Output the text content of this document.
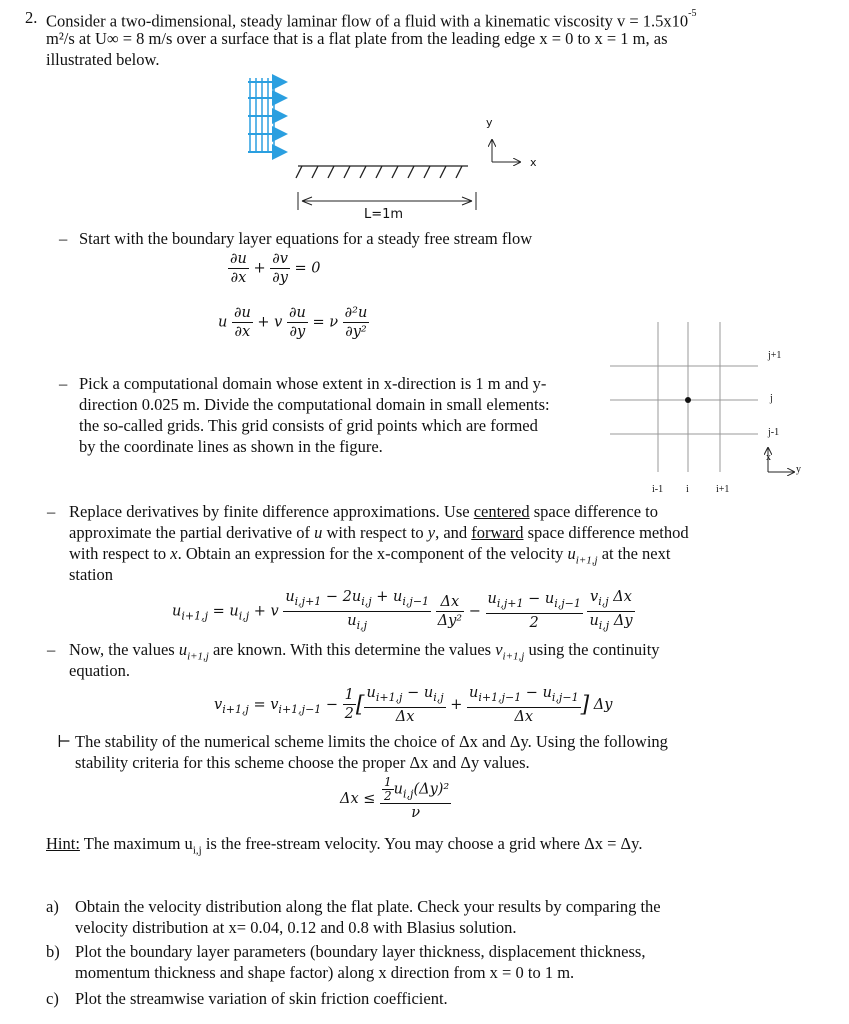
2. Consider a two-dimensional, steady laminar flow of a fluid with a kinematic viscosity $v = 1.5x10^{-5}$
m²/s at U∞ = 8 m/s over a surface that is a flat plate from the leading edge x = 0 to x = 1 m, as
illustrated below.
y
x
L=1m
– Start with the boundary layer equations for a steady free stream flow
$\frac{\partial u}{\partial x} + \frac{\partial v}{\partial y} = 0$
u $\frac{\partial u}{\partial x} + v \frac{\partial u}{\partial y} = \nu \frac{\text{∂²u}}{\text{∂y²}}$
– Pick a computational domain whose extent in x-direction is 1 m and y-
direction 0.025 m. Divide the computational domain in small elements:
the so-called grids. This grid consists of grid points which are formed
by the coordinate lines as shown in the figure.
j+1
j
j-1
x
y
i-1 i	i+1
– Replace derivatives by finite difference approximations. Use centered space difference to
approximate the partial derivative of u with respect to y, and forward space difference method
with respect to x. Obtain an expression for the x-component of the velocity $u_{i+1,j}$ at the next
station
$u_{i+1,j} = u_{i,j} + v \frac{u_{i,j+1} - 2u_{i,j} + u_{i,j-1}}{u_{i,j}}$
$\frac{\Delta x}{\text{Δy²}} - \frac{u_{i,j+1} - u_{i,j-1}}{2}$
$\frac{v_{i,j} \Delta x}{u_{i,j} \Delta y}$
– Now, the values $u_{i+1,j}$ are known. With this determine the values $v_{i+1,j}$ using the continuity
equation.
$v_{i+1,j} = v_{i+1,j-1} - \frac{1}{2}$ [ $\frac{u_{i+1,j} - u_{i,j}}{\Delta x} + \frac{u_{i+1,j-1} - u_{i,j-1}}{\Delta x}$ ] Δy
⊢ The stability of the numerical scheme limits the choice of Δx and Δy. Using the following
stability criteria for this scheme choose the proper Δx and Δy values.
$\Delta x \le \frac{\frac{1}{2} u_{i,j}(\Delta y)^2}{\nu}$
Hint: The maximum $u_{i,j}$ is the free-stream velocity. You may choose a grid where Δx = Δy.
a) Obtain the velocity distribution along the flat plate. Check your results by comparing the
velocity distribution at x= 0.04, 0.12 and 0.8 with Blasius solution.
b) Plot the boundary layer parameters (boundary layer thickness, displacement thickness,
momentum thickness and shape factor) along x direction from x = 0 to 1 m.
c) Plot the streamwise variation of skin friction coefficient.
